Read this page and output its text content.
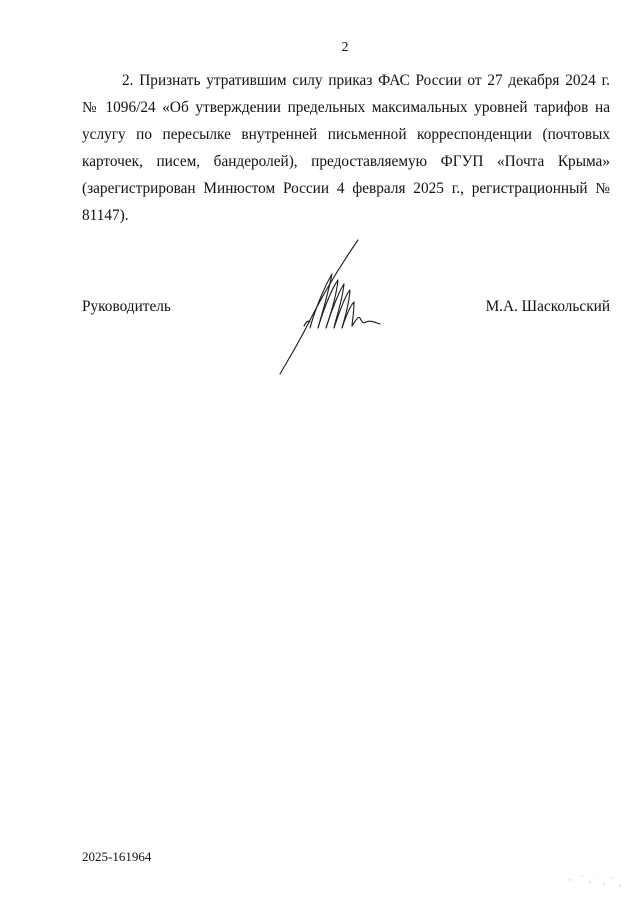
2

2. Признать утратившим силу приказ ФАС России от 27 декабря 2024 г. № 1096/24 «Об утверждении предельных максимальных уровней тарифов на услугу по пересылке внутренней письменной корреспонденции (почтовых карточек, писем, бандеролей), предоставляемую ФГУП «Почта Крыма» (зарегистрирован Минюстом России 4 февраля 2025 г., регистрационный № 81147).

Руководитель	М.А. Шаскольский
2025-161964
